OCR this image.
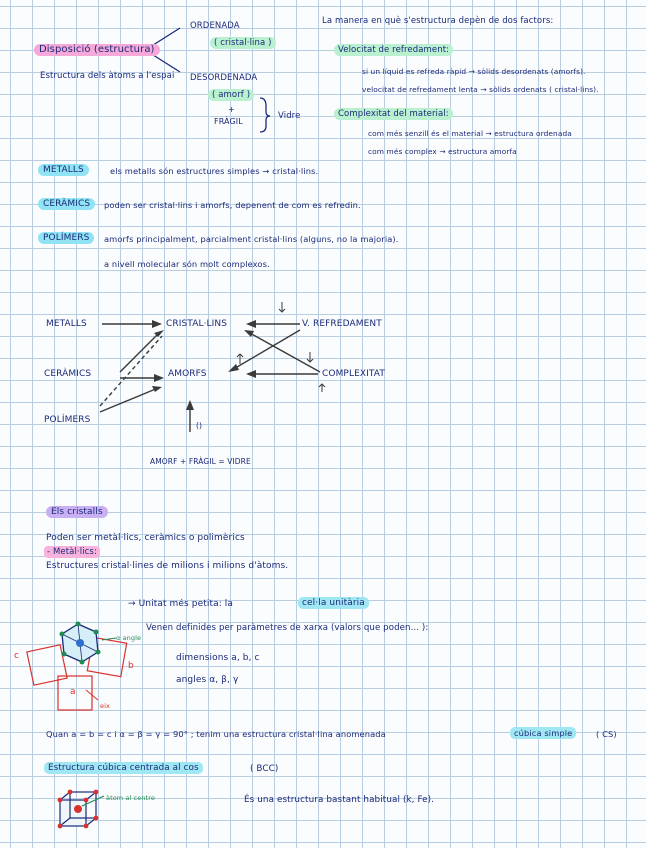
Disposició (estructura)
Estructura dels àtoms a l'espai
ORDENADA
( cristal·lina )
DESORDENADA
( amorf )
+
FRÀGIL
Vidre
La manera en què s'estructura depèn de dos factors:
Velocitat de refredament:
si un líquid es refreda ràpid → sòlids desordenats (amorfs).
velocitat de refredament lenta → sòlids ordenats ( cristal·lins).
Complexitat del material:
com més senzill és el material → estructura ordenada
com més complex → estructura amorfa
METALLS	els metalls són estructures simples → cristal·lins.
CERÀMICS	poden ser cristal·lins i amorfs, depenent de com es refredin.
POLÍMERS	amorfs principalment, parcialment cristal·lins (alguns, no la majoria).
a nivell molecular són molt complexos.
METALLS	CRISTAL·LINS	V. REFREDAMENT
CERÀMICS	AMORFS	COMPLEXITAT
POLÍMERS
()
AMORF + FRÀGIL = VIDRE
Els cristalls
Poden ser metàl·lics, ceràmics o polimèrics
- Metàl·lics:
Estructures cristal·lines de milions i milions d'àtoms.
→ Unitat més petita: la	cel·la unitària
Venen definides per paràmetres de xarxa (valors que poden... ):
dimensions a, b, c
angles α, β, γ
c
b
a
α angle
eix
Quan a = b = c i α = β = γ = 90° ; tenim una estructura cristal·lina anomenada	cúbica simple	( CS)
Estructura cúbica centrada al cos	( BCC)
àtom al centre	És una estructura bastant habitual (k, Fe).
